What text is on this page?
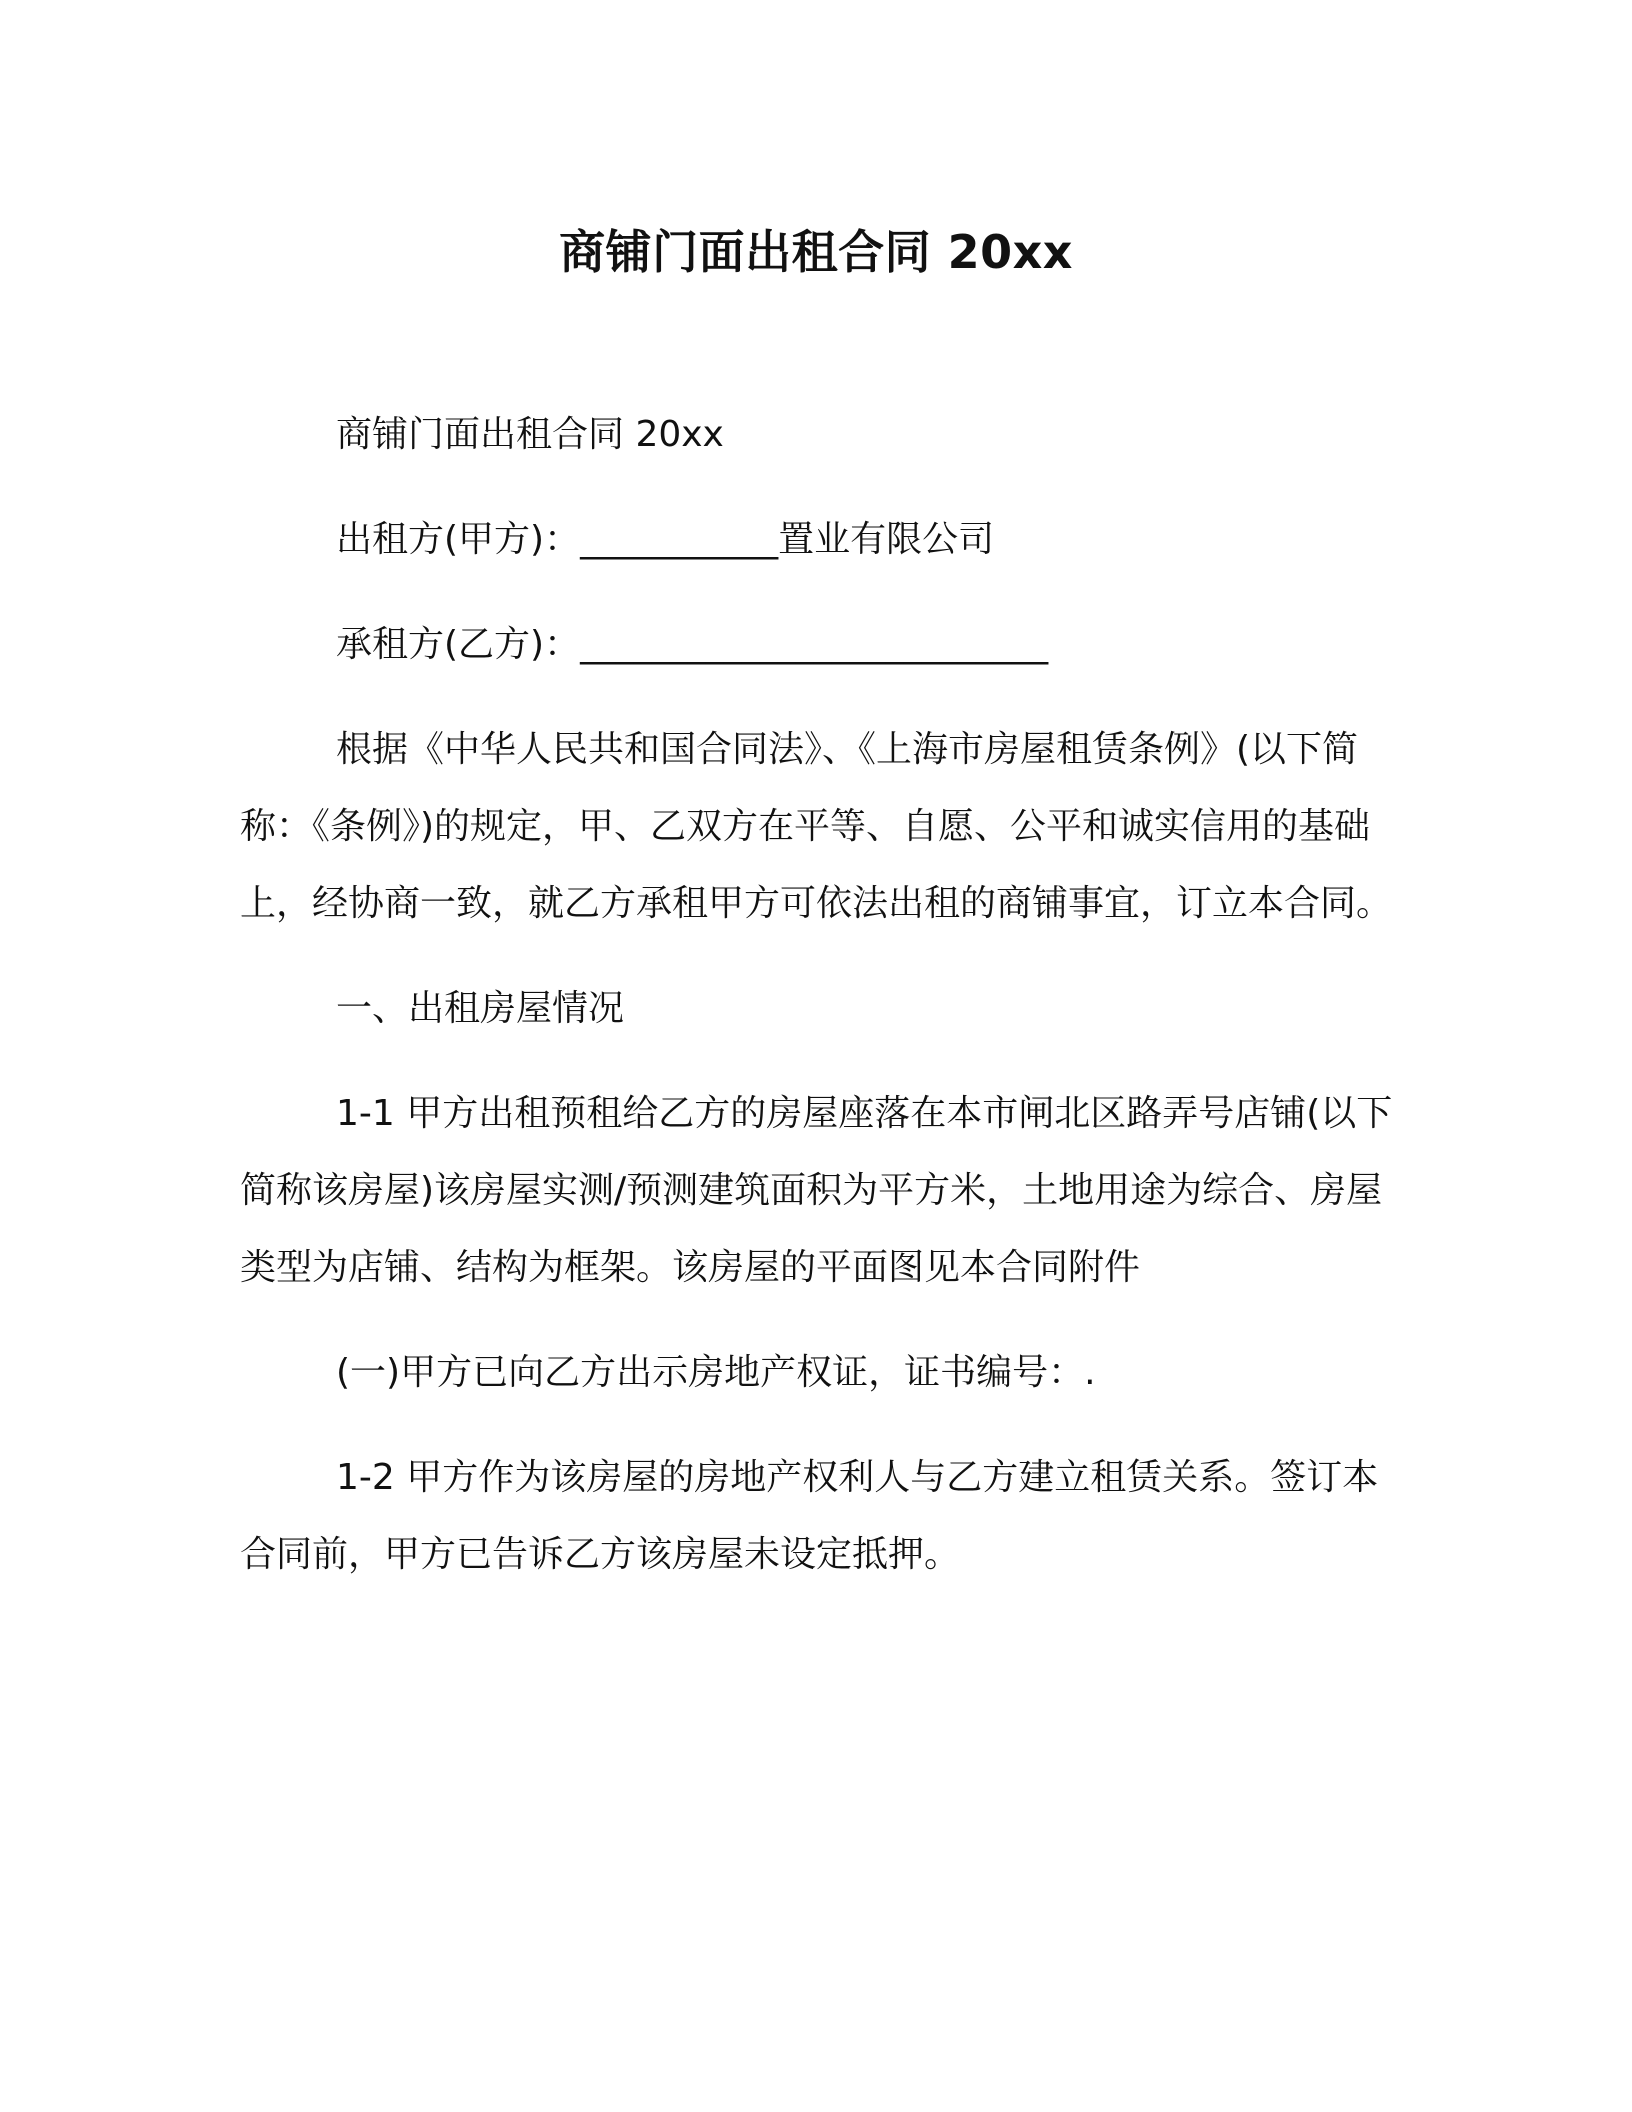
商铺门面出租合同 20xx

商铺门面出租合同 20xx

出租方(甲方)：___________置业有限公司

承租方(乙方)：__________________________

根据《中华人民共和国合同法》、《上海市房屋租赁条例》(以下简称：《条例》)的规定，甲、乙双方在平等、自愿、公平和诚实信用的基础上，经协商一致，就乙方承租甲方可依法出租的商铺事宜，订立本合同。

一、出租房屋情况

1-1 甲方出租预租给乙方的房屋座落在本市闸北区路弄号店铺(以下简称该房屋)该房屋实测/预测建筑面积为平方米，土地用途为综合、房屋类型为店铺、结构为框架。该房屋的平面图见本合同附件

(一)甲方已向乙方出示房地产权证，证书编号：.

1-2 甲方作为该房屋的房地产权利人与乙方建立租赁关系。签订本合同前，甲方已告诉乙方该房屋未设定抵押。
